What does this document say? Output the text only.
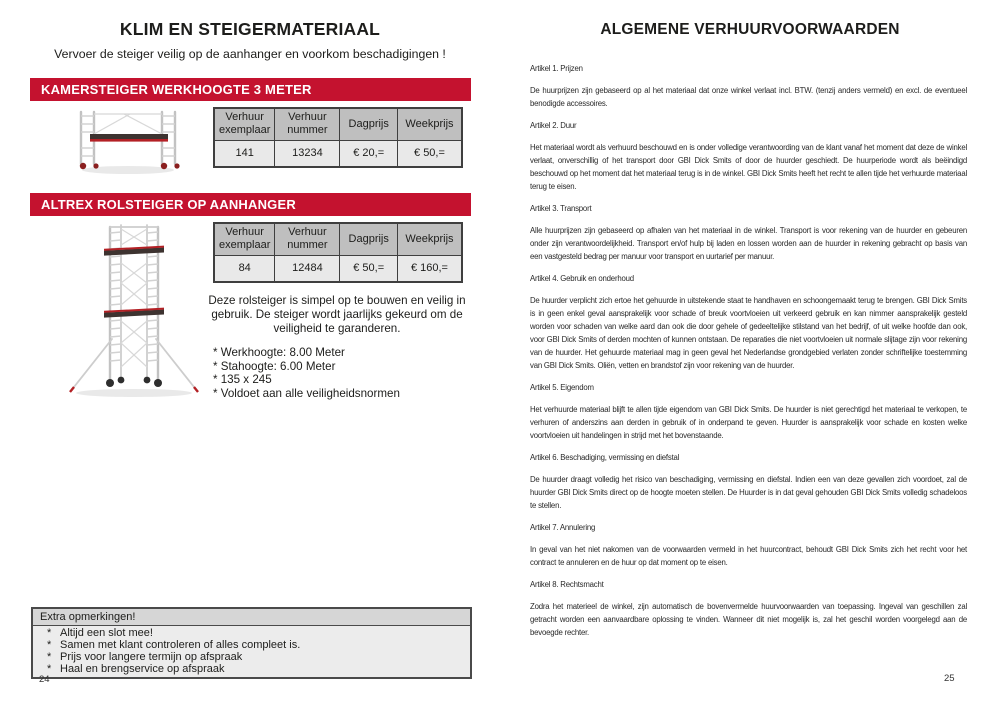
KLIM EN STEIGERMATERIAAL

Vervoer de steiger veilig op de aanhanger en voorkom beschadigingen !

KAMERSTEIGER WERKHOOGTE 3 METER
Verhuur exemplaar	Verhuur nummer	Dagprijs	Weekprijs
141	13234	€ 20,=	€ 50,=
ALTREX ROLSTEIGER OP AANHANGER
Verhuur exemplaar	Verhuur nummer	Dagprijs	Weekprijs
84	12484	€ 50,=	€ 160,=

Deze rolsteiger is simpel op te bouwen en veilig in gebruik. De steiger wordt jaarlijks gekeurd om de veiligheid te garanderen.

* Werkhoogte: 8.00 Meter
* Stahoogte: 6.00 Meter
* 135 x 245
* Voldoet aan alle veiligheidsnormen
Extra opmerkingen!
* Altijd een slot mee!
* Samen met klant controleren of alles compleet is.
* Prijs voor langere termijn op afspraak
* Haal en brengservice op afspraak
24
ALGEMENE VERHUURVOORWAARDEN
Artikel 1. Prijzen

De huurprijzen zijn gebaseerd op al het materiaal dat onze winkel verlaat incl. BTW. (tenzij anders vermeld) en excl. de eventueel benodigde accessoires.

Artikel 2. Duur

Het materiaal wordt als verhuurd beschouwd en is onder volledige verantwoording van de klant vanaf het moment dat deze de winkel verlaat, onverschillig of het transport door GBI Dick Smits of door de huurder geschiedt. De huurperiode wordt als beëindigd beschouwd op het moment dat het materiaal terug is in de winkel. GBI Dick Smits heeft het recht te allen tijde het verhuurde materiaal terug te eisen.

Artikel 3. Transport

Alle huurprijzen zijn gebaseerd op afhalen van het materiaal in de winkel. Transport is voor rekening van de huurder en gebeuren onder zijn verantwoordelijkheid. Transport en/of hulp bij laden en lossen worden aan de huurder in rekening gebracht op basis van een vastgesteld bedrag per manuur voor transport en uurtarief per manuur.

Artikel 4. Gebruik en onderhoud

De huurder verplicht zich ertoe het gehuurde in uitstekende staat te handhaven en schoongemaakt terug te brengen. GBI Dick Smits is in geen enkel geval aansprakelijk voor schade of breuk voortvloeien uit verkeerd gebruik en kan nimmer aansprakelijk gesteld worden voor schaden van welke aard dan ook die door gehele of gedeeltelijke stilstand van het bedrijf, of uit welke hoofde dan ook, voor GBI Dick Smits of derden mochten of kunnen ontstaan. De reparaties die niet voortvloeien uit normale slijtage zijn voor rekening van de huurder. Het gehuurde materiaal mag in geen geval het Nederlandse grondgebied verlaten zonder schriftelijke toestemming van GBI Dick Smits. Oliën, vetten en brandstof zijn voor rekening van de huurder.

Artikel 5. Eigendom

Het verhuurde materiaal blijft te allen tijde eigendom van GBI Dick Smits. De huurder is niet gerechtigd het materiaal te verkopen, te verhuren of anderszins aan derden in gebruik of in onderpand te geven. Huurder is aansprakelijk voor schade en kosten welke voortvloeien uit handelingen in strijd met het bovenstaande.

Artikel 6. Beschadiging, vermissing en diefstal

De huurder draagt volledig het risico van beschadiging, vermissing en diefstal. Indien een van deze gevallen zich voordoet, zal de huurder GBI Dick Smits direct op de hoogte moeten stellen. De Huurder is in dat geval gehouden GBI Dick Smits volledig schadeloos te stellen.

Artikel 7. Annulering

In geval van het niet nakomen van de voorwaarden vermeld in het huurcontract, behoudt GBI Dick Smits zich het recht voor het contract te annuleren en de huur op dat moment op te eisen.

Artikel 8. Rechtsmacht

Zodra het materieel de winkel, zijn automatisch de bovenvermelde huurvoorwaarden van toepassing. Ingeval van geschillen zal getracht worden een aanvaardbare oplossing te vinden. Wanneer dit niet mogelijk is, zal het geschil worden voorgelegd aan de bevoegde rechter.

25
